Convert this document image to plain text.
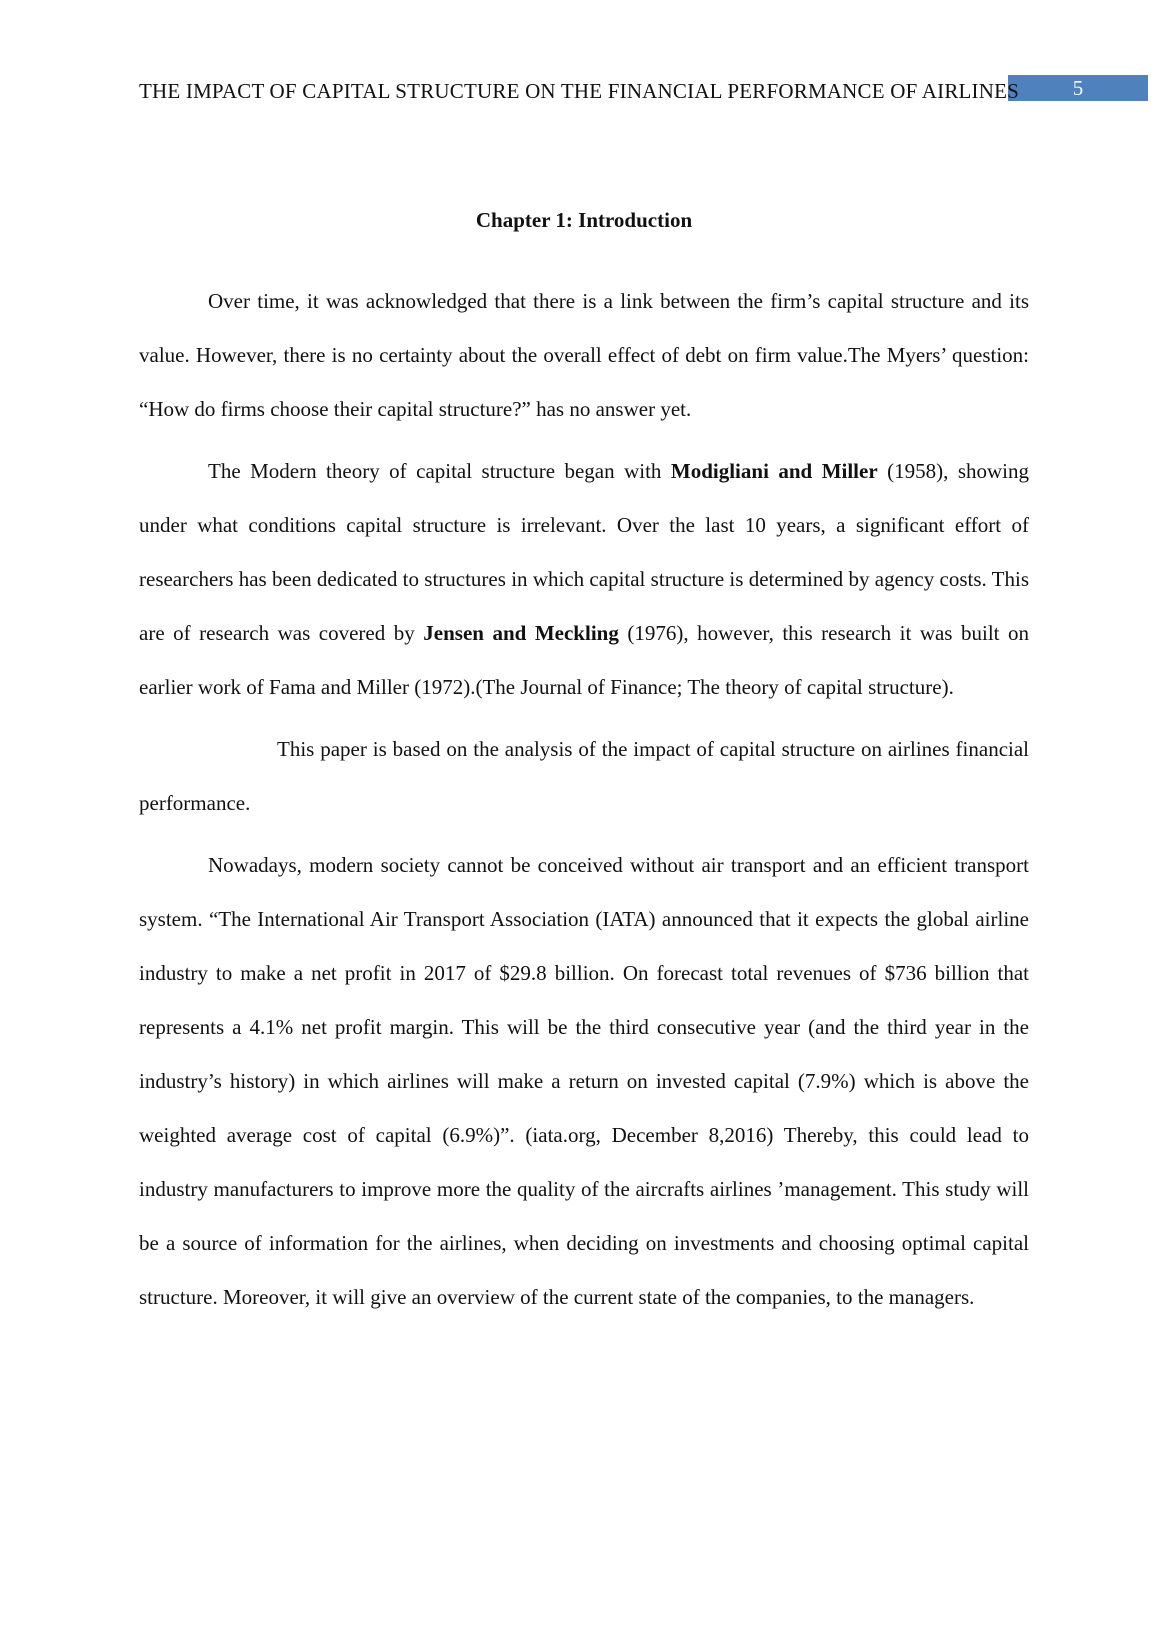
5
THE IMPACT OF CAPITAL STRUCTURE ON THE FINANCIAL PERFORMANCE OF AIRLINES
Chapter 1: Introduction

Over time, it was acknowledged that there is a link between the firm’s capital structure and its value. However, there is no certainty about the overall effect of debt on firm value.The Myers’ question: “How do firms choose their capital structure?” has no answer yet.

The Modern theory of capital structure began with Modigliani and Miller (1958), showing under what conditions capital structure is irrelevant. Over the last 10 years, a significant effort of researchers has been dedicated to structures in which capital structure is determined by agency costs. This are of research was covered by Jensen and Meckling (1976), however, this research it was built on earlier work of Fama and Miller (1972).(The Journal of Finance; The theory of capital structure).

This paper is based on the analysis of the impact of capital structure on airlines financial performance.

Nowadays, modern society cannot be conceived without air transport and an efficient transport system. “The International Air Transport Association (IATA) announced that it expects the global airline industry to make a net profit in 2017 of $29.8 billion. On forecast total revenues of $736 billion that represents a 4.1% net profit margin. This will be the third consecutive year (and the third year in the industry’s history) in which airlines will make a return on invested capital (7.9%) which is above the weighted average cost of capital (6.9%)”. (iata.org, December 8,2016) Thereby, this could lead to industry manufacturers to improve more the quality of the aircrafts airlines ’management. This study will be a source of information for the airlines, when deciding on investments and choosing optimal capital structure. Moreover, it will give an overview of the current state of the companies, to the managers.
